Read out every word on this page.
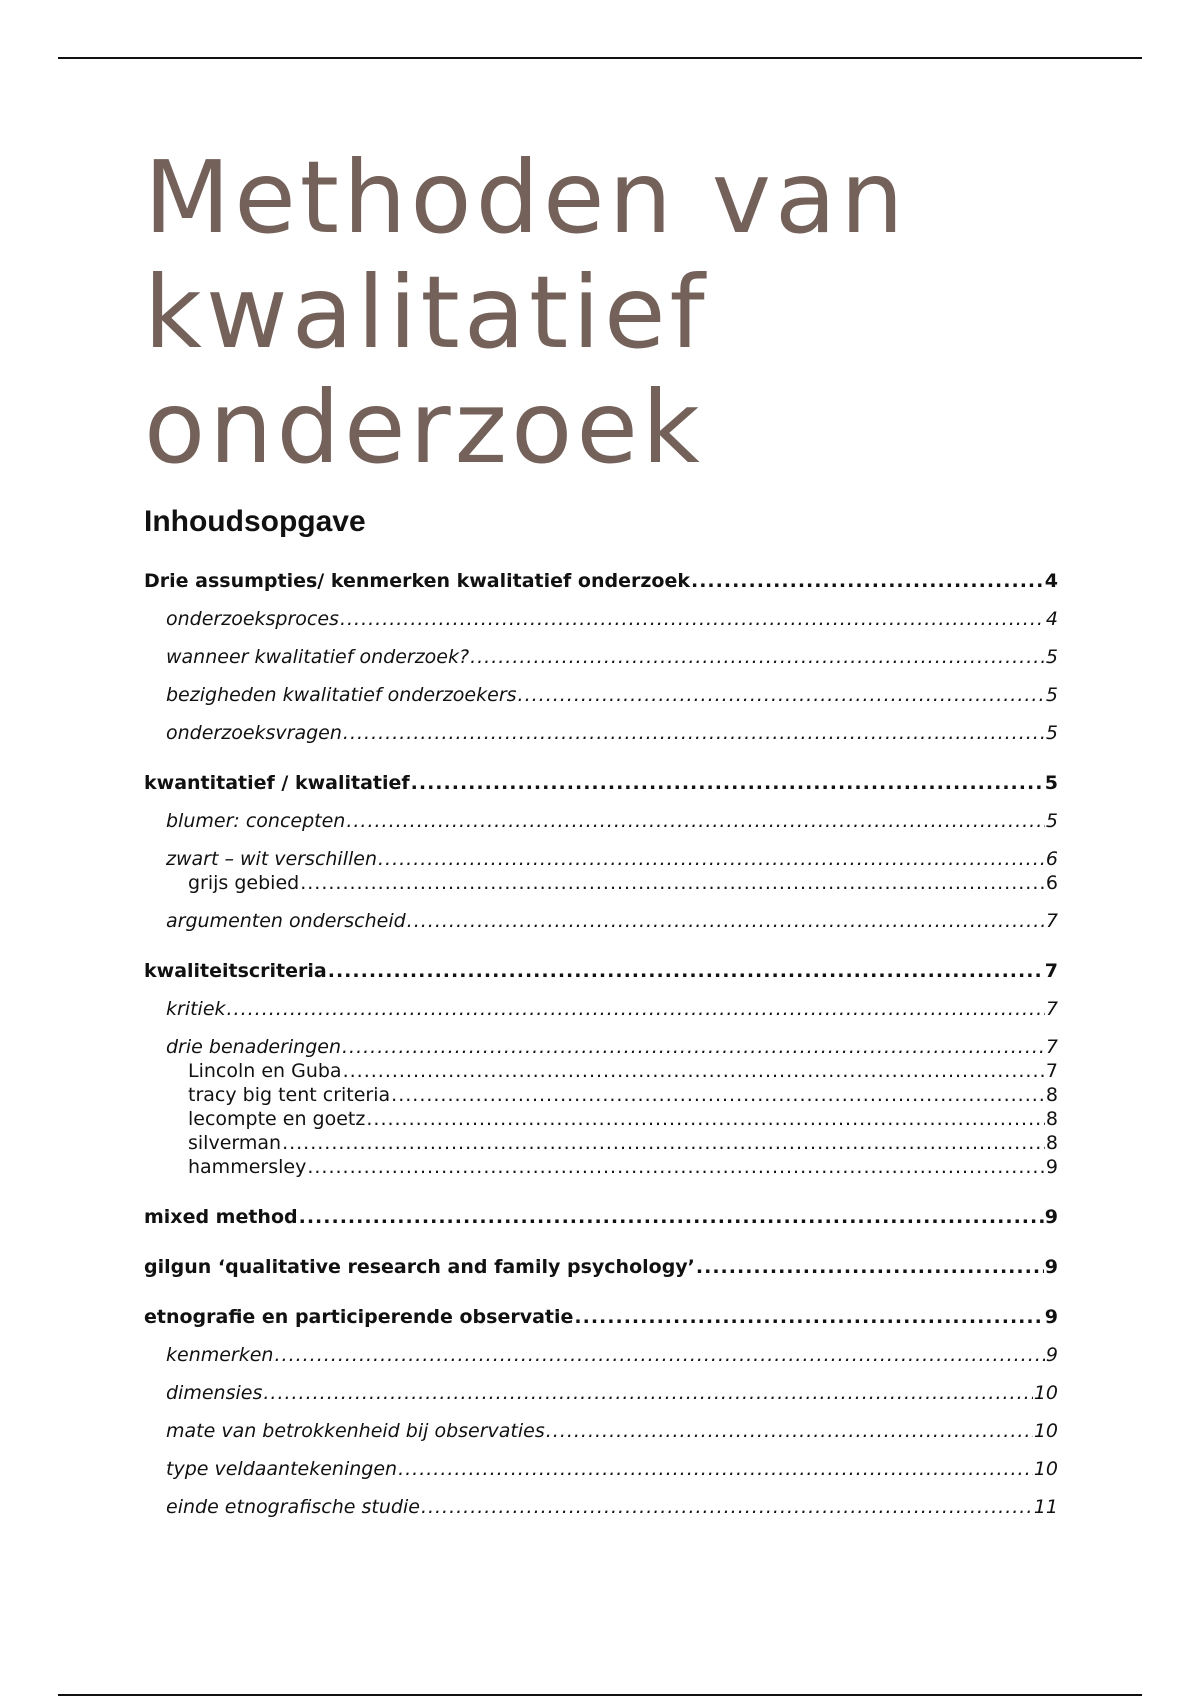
Methoden van kwalitatief onderzoek
Inhoudsopgave
Drie assumpties/ kenmerken kwalitatief onderzoek .....	4
onderzoeksproces .....	4
wanneer kwalitatief onderzoek? .....	5
bezigheden kwalitatief onderzoekers .....	5
onderzoeksvragen .....	5
kwantitatief / kwalitatief .....	5
blumer: concepten .....	5
zwart – wit verschillen .....	6
grijs gebied .....	6
argumenten onderscheid .....	7
kwaliteitscriteria .....	7
kritiek .....	7
drie benaderingen .....	7
Lincoln en Guba .....	7
tracy big tent criteria .....	8
lecompte en goetz .....	8
silverman .....	8
hammersley .....	9
mixed method .....	9
gilgun ‘qualitative research and family psychology’ .....	9
etnografie en participerende observatie .....	9
kenmerken .....	9
dimensies .....	10
mate van betrokkenheid bij observaties .....	10
type veldaantekeningen .....	10
einde etnografische studie .....	11
